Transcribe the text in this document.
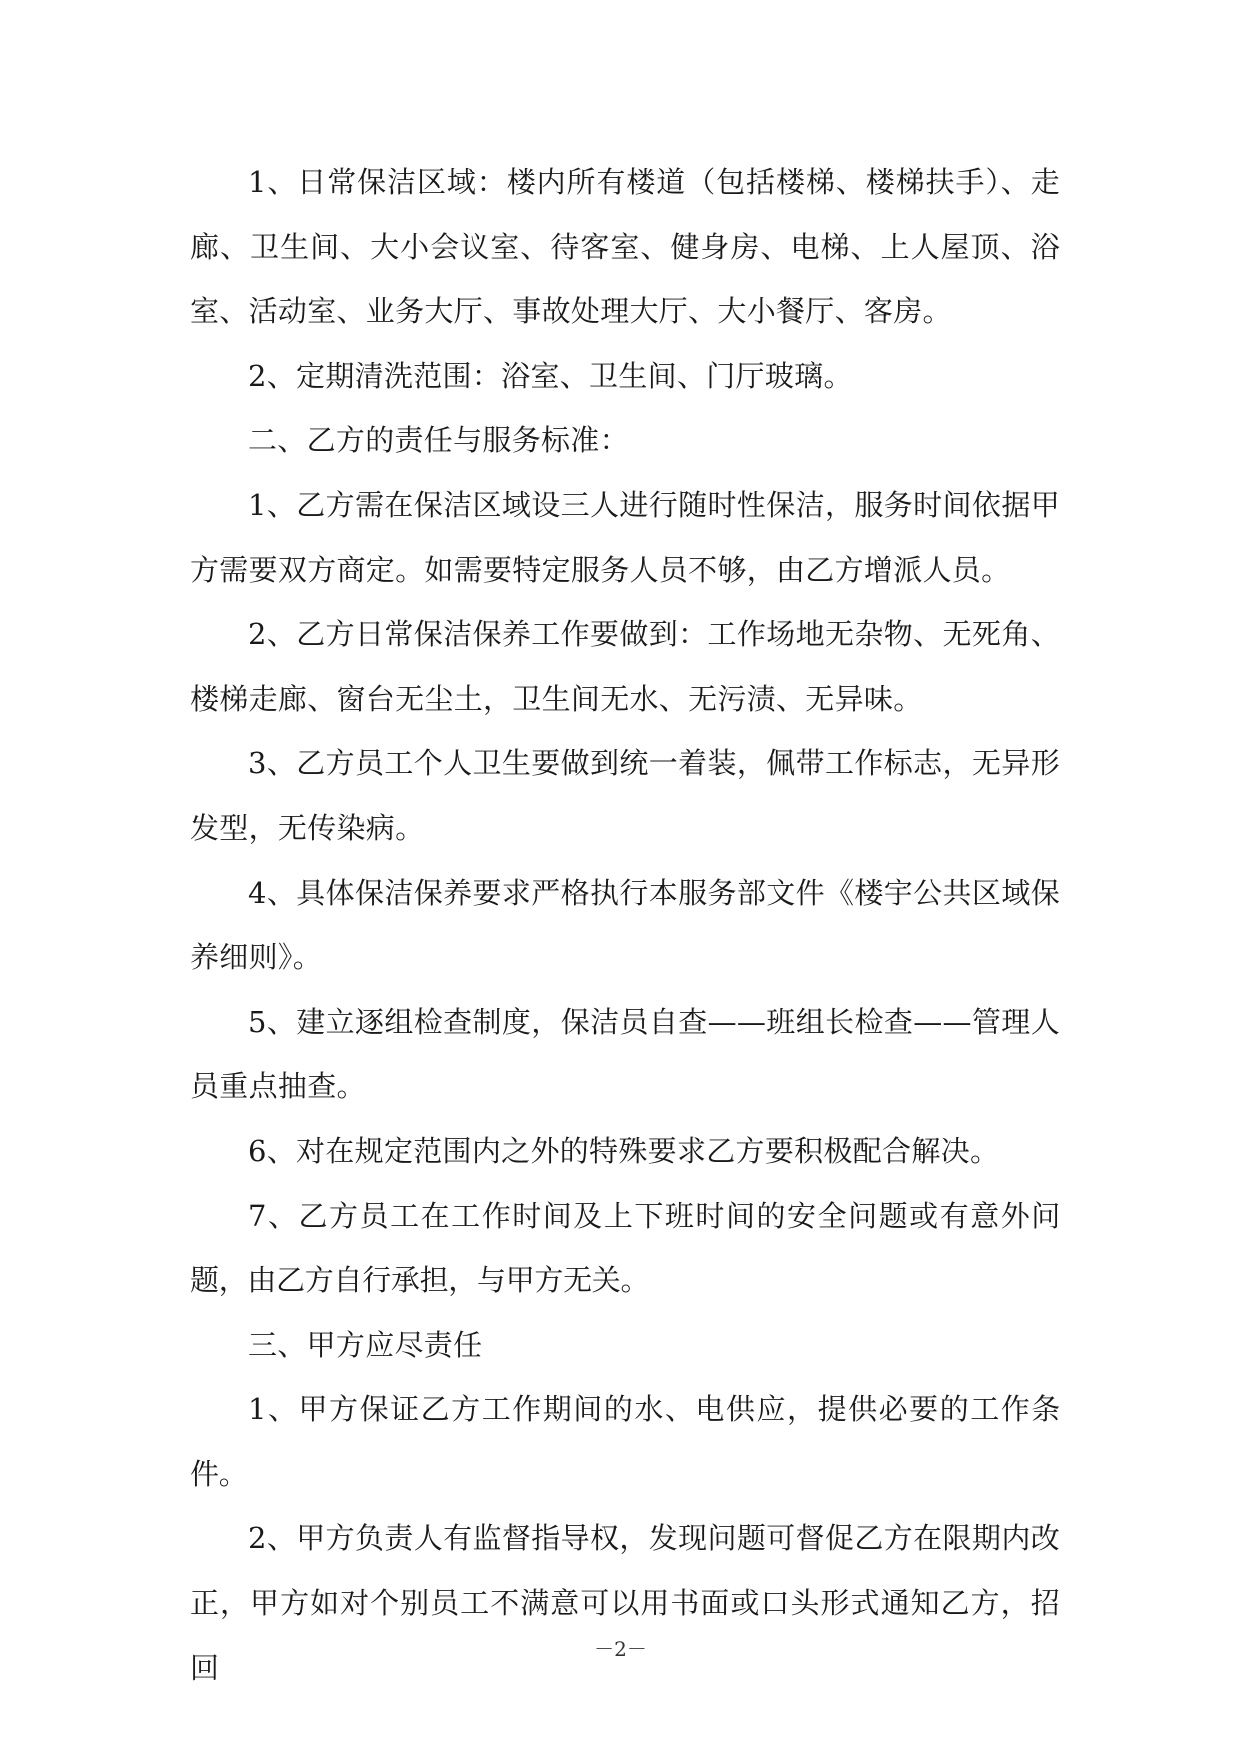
1、日常保洁区域：楼内所有楼道（包括楼梯、楼梯扶手）、走廊、卫生间、大小会议室、待客室、健身房、电梯、上人屋顶、浴室、活动室、业务大厅、事故处理大厅、大小餐厅、客房。

2、定期清洗范围：浴室、卫生间、门厅玻璃。

二、乙方的责任与服务标准：

1、乙方需在保洁区域设三人进行随时性保洁，服务时间依据甲方需要双方商定。如需要特定服务人员不够，由乙方增派人员。

2、乙方日常保洁保养工作要做到：工作场地无杂物、无死角、楼梯走廊、窗台无尘土，卫生间无水、无污渍、无异味。

3、乙方员工个人卫生要做到统一着装，佩带工作标志，无异形发型，无传染病。

4、具体保洁保养要求严格执行本服务部文件《楼宇公共区域保养细则》。

5、建立逐组检查制度，保洁员自查——班组长检查——管理人员重点抽查。

6、对在规定范围内之外的特殊要求乙方要积极配合解决。

7、乙方员工在工作时间及上下班时间的安全问题或有意外问题，由乙方自行承担，与甲方无关。

三、甲方应尽责任

1、甲方保证乙方工作期间的水、电供应，提供必要的工作条件。

2、甲方负责人有监督指导权，发现问题可督促乙方在限期内改正，甲方如对个别员工不满意可以用书面或口头形式通知乙方，招回

－2－
